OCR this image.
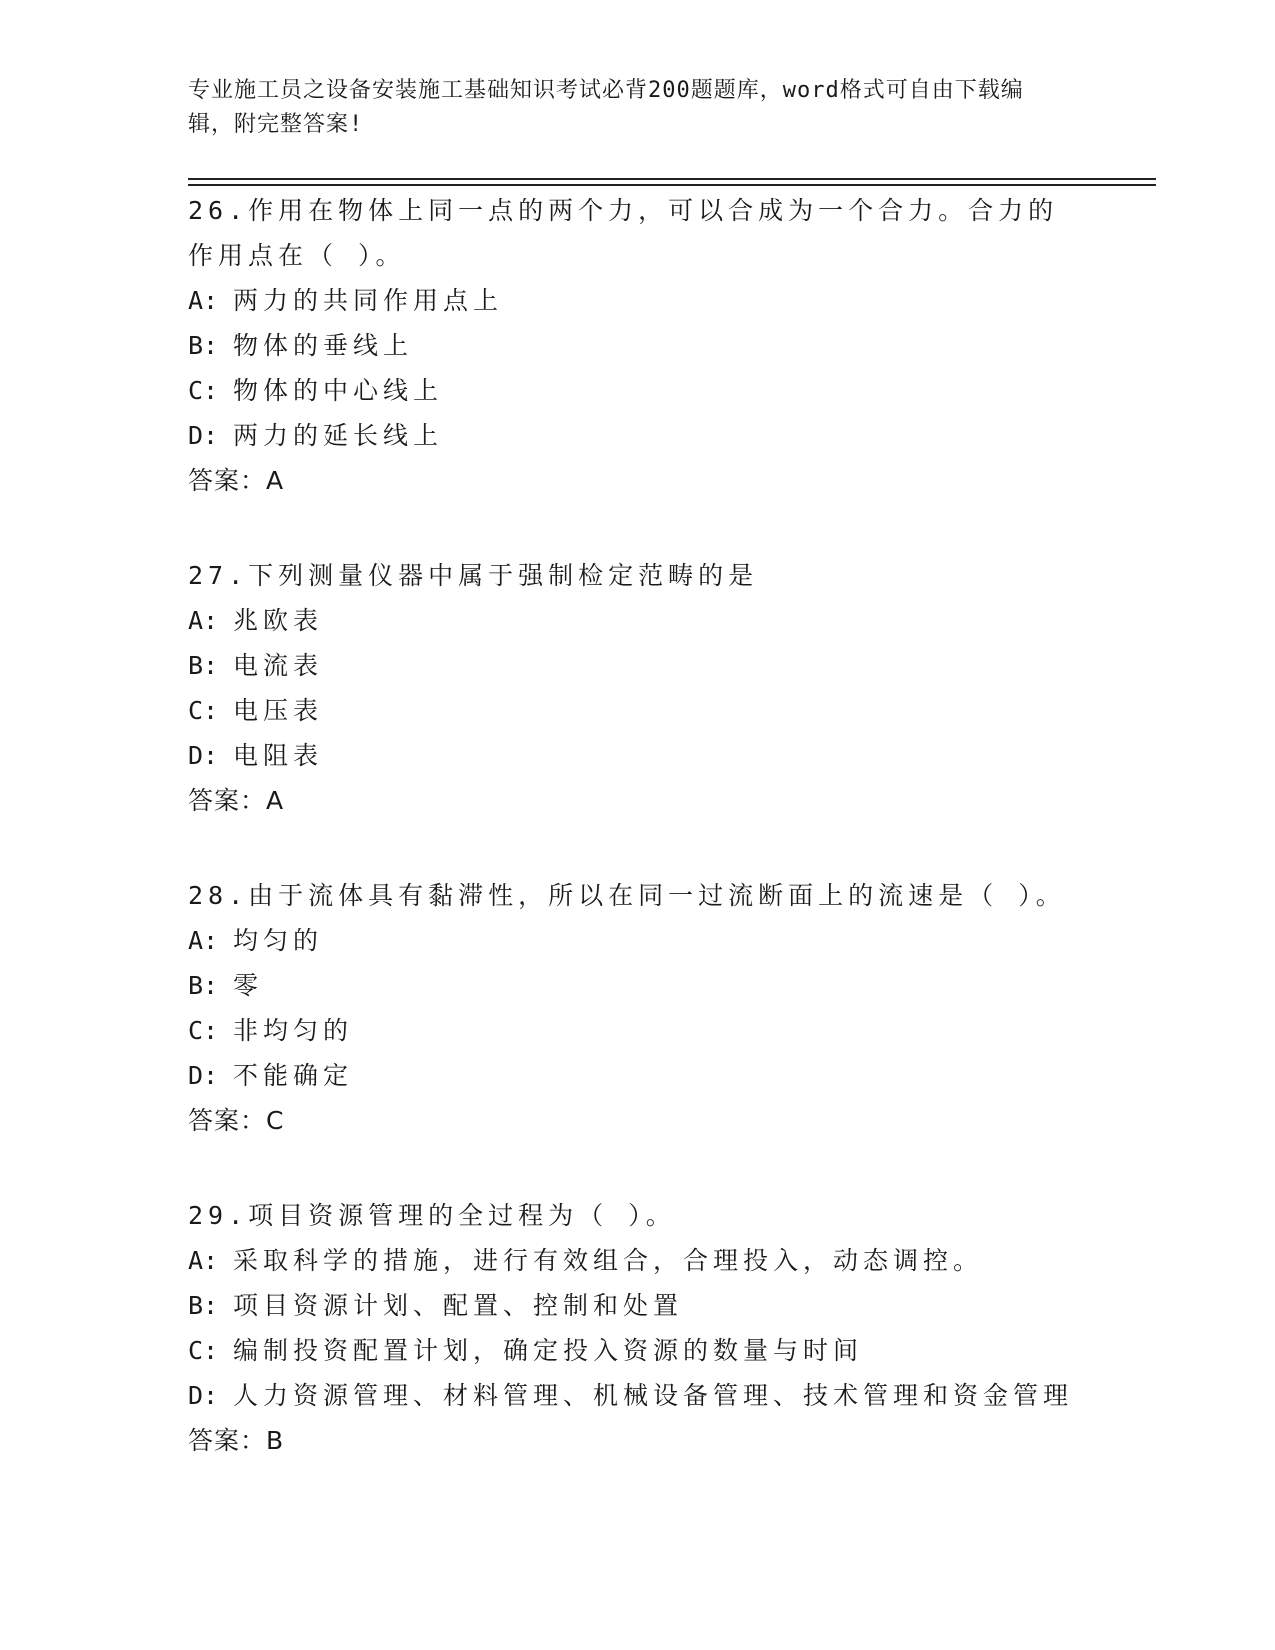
专业施工员之设备安装施工基础知识考试必背200题题库，word格式可自由下载编辑，附完整答案!
26.作用在物体上同一点的两个力，可以合成为一个合力。合力的作用点在（ ）。
A: 两力的共同作用点上
B: 物体的垂线上
C: 物体的中心线上
D: 两力的延长线上
答案：A
27.下列测量仪器中属于强制检定范畴的是
A: 兆欧表
B: 电流表
C: 电压表
D: 电阻表
答案：A
28.由于流体具有黏滞性，所以在同一过流断面上的流速是（ ）。
A: 均匀的
B: 零
C: 非均匀的
D: 不能确定
答案：C
29.项目资源管理的全过程为（ ）。
A: 采取科学的措施，进行有效组合，合理投入，动态调控。
B: 项目资源计划、配置、控制和处置
C: 编制投资配置计划，确定投入资源的数量与时间
D: 人力资源管理、材料管理、机械设备管理、技术管理和资金管理
答案：B
